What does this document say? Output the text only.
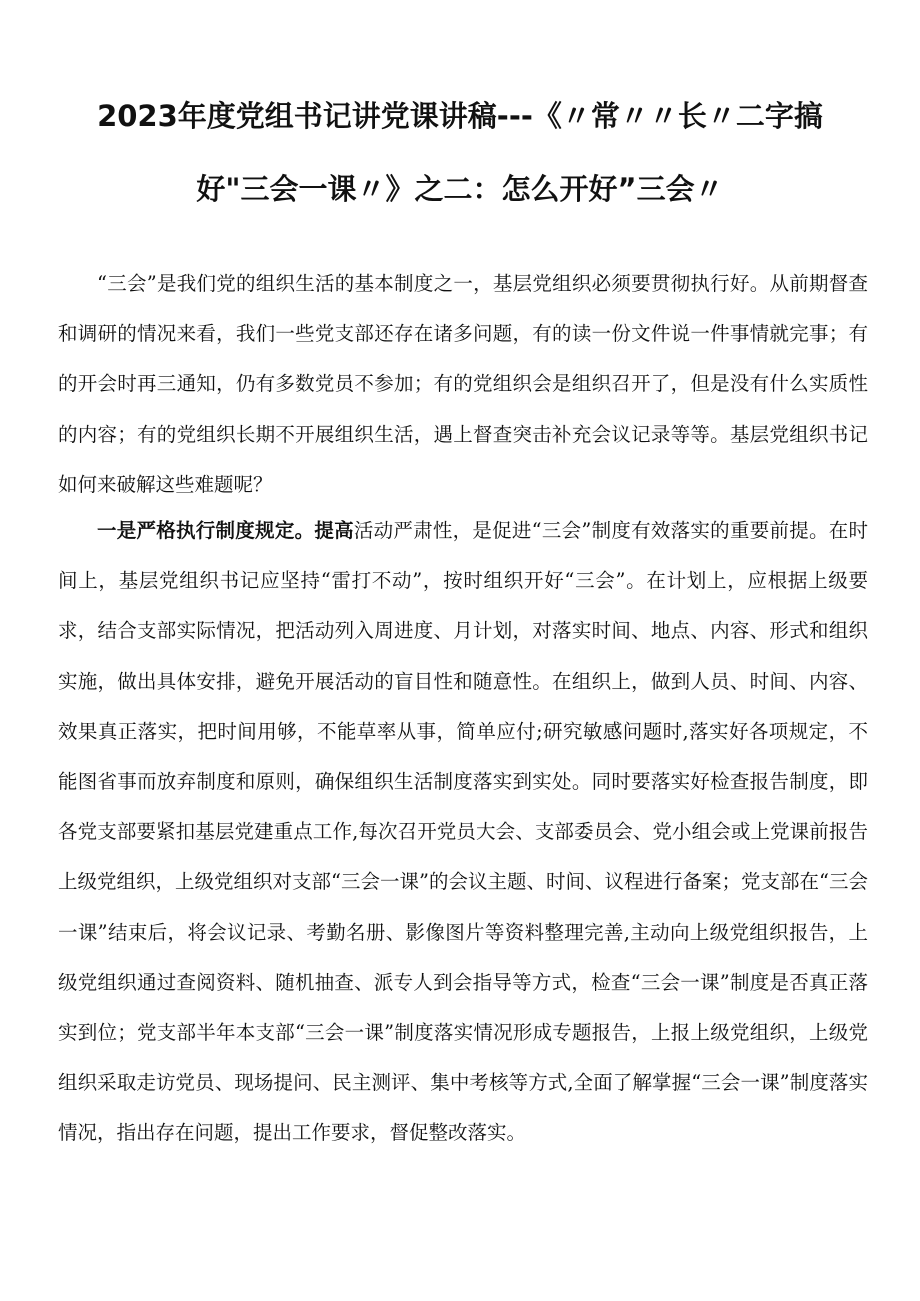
2023年度党组书记讲党课讲稿---《〃常〃〃长〃二字搞
好"三会一课〃》之二：怎么开好”三会〃

“三会”是我们党的组织生活的基本制度之一，基层党组织必须要贯彻执行好。从前期督查和调研的情况来看，我们一些党支部还存在诸多问题，有的读一份文件说一件事情就完事；有的开会时再三通知，仍有多数党员不参加；有的党组织会是组织召开了，但是没有什么实质性的内容；有的党组织长期不开展组织生活，遇上督查突击补充会议记录等等。基层党组织书记如何来破解这些难题呢？

一是严格执行制度规定。提高活动严肃性，是促进“三会”制度有效落实的重要前提。在时间上，基层党组织书记应坚持“雷打不动”，按时组织开好“三会”。在计划上，应根据上级要求，结合支部实际情况，把活动列入周进度、月计划，对落实时间、地点、内容、形式和组织实施，做出具体安排，避免开展活动的盲目性和随意性。在组织上，做到人员、时间、内容、效果真正落实，把时间用够，不能草率从事，简单应付;研究敏感问题时,落实好各项规定，不能图省事而放弃制度和原则，确保组织生活制度落实到实处。同时要落实好检查报告制度，即各党支部要紧扣基层党建重点工作,每次召开党员大会、支部委员会、党小组会或上党课前报告上级党组织，上级党组织对支部“三会一课”的会议主题、时间、议程进行备案；党支部在“三会一课”结束后，将会议记录、考勤名册、影像图片等资料整理完善,主动向上级党组织报告，上级党组织通过查阅资料、随机抽查、派专人到会指导等方式，检查“三会一课”制度是否真正落实到位；党支部半年本支部“三会一课”制度落实情况形成专题报告，上报上级党组织，上级党组织采取走访党员、现场提问、民主测评、集中考核等方式,全面了解掌握“三会一课”制度落实情况，指出存在问题，提出工作要求，督促整改落实。
